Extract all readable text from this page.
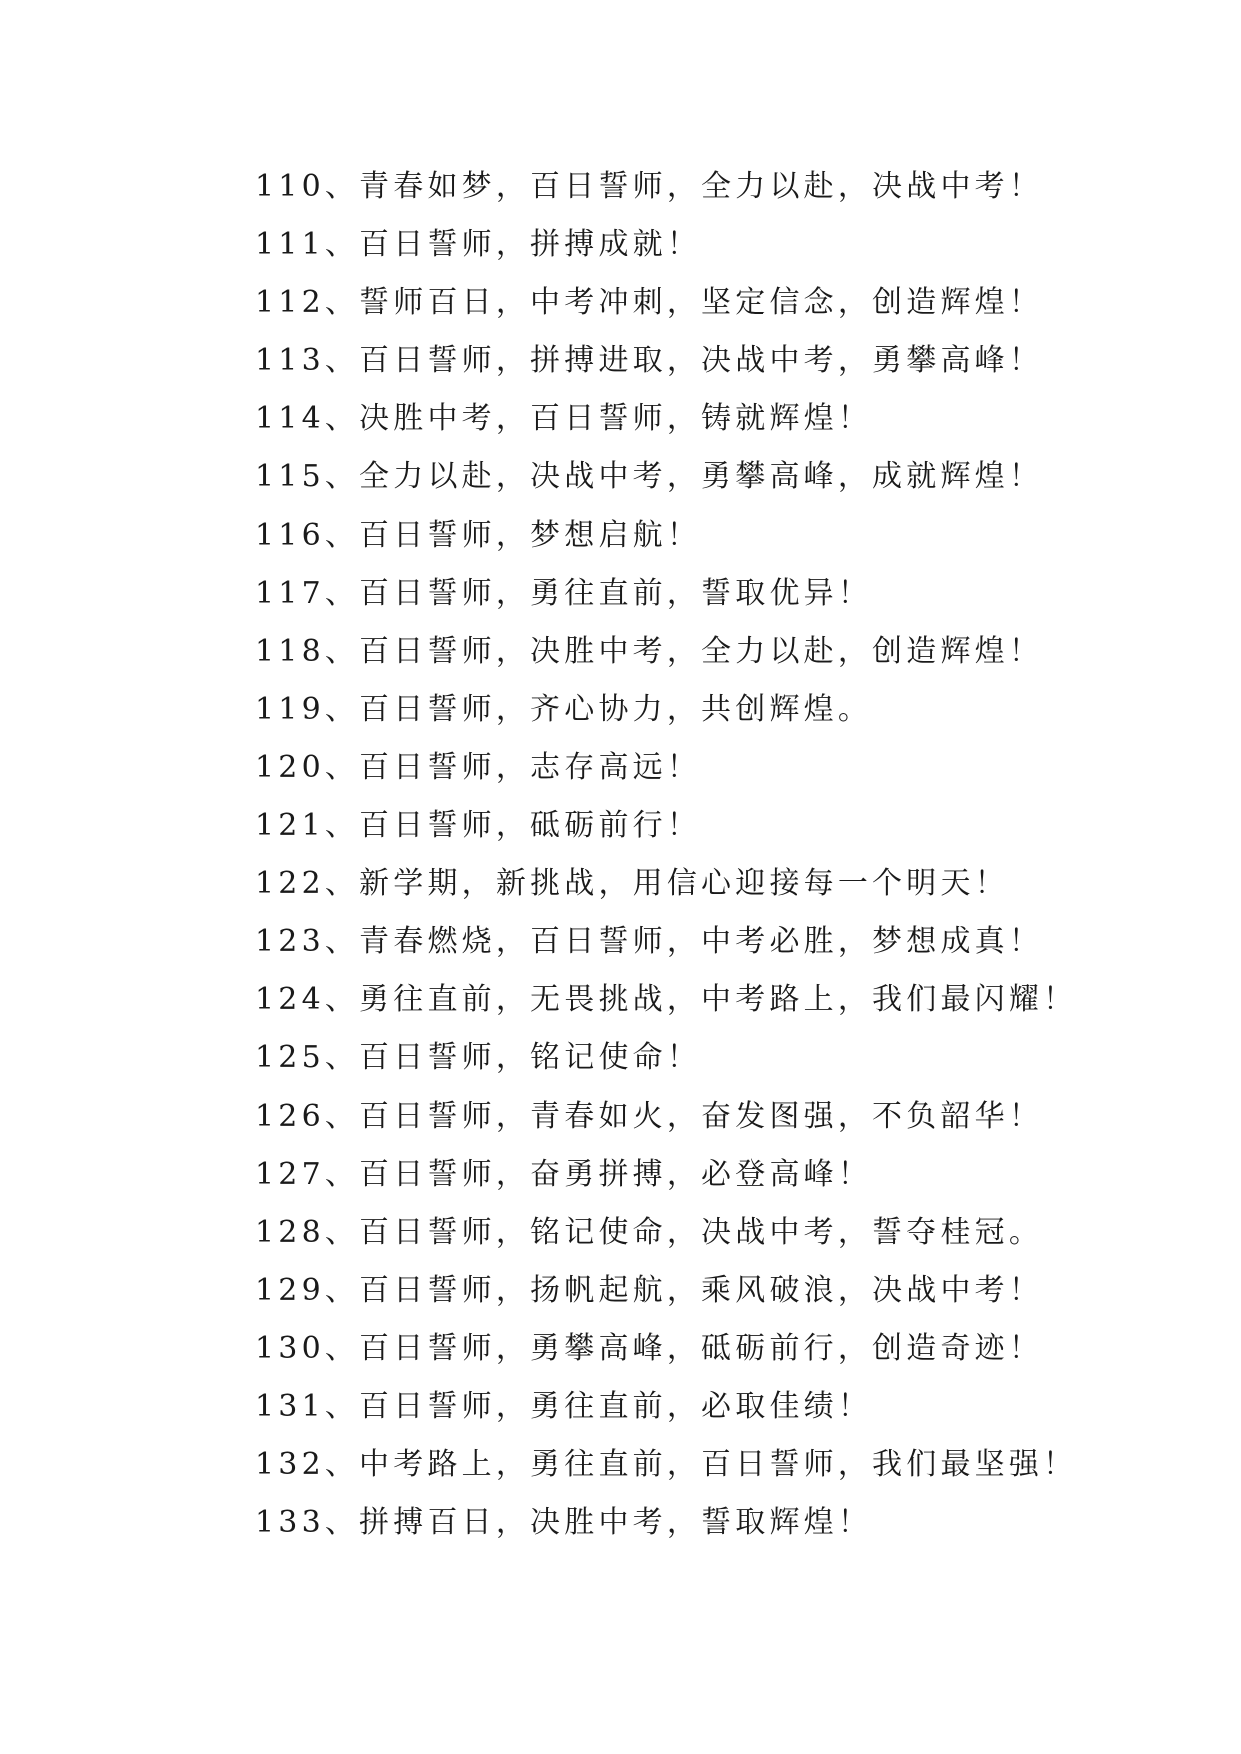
110、青春如梦，百日誓师，全力以赴，决战中考！
111、百日誓师，拼搏成就！
112、誓师百日，中考冲刺，坚定信念，创造辉煌！
113、百日誓师，拼搏进取，决战中考，勇攀高峰！
114、决胜中考，百日誓师，铸就辉煌！
115、全力以赴，决战中考，勇攀高峰，成就辉煌！
116、百日誓师，梦想启航！
117、百日誓师，勇往直前，誓取优异！
118、百日誓师，决胜中考，全力以赴，创造辉煌！
119、百日誓师，齐心协力，共创辉煌。
120、百日誓师，志存高远！
121、百日誓师，砥砺前行！
122、新学期，新挑战，用信心迎接每一个明天！
123、青春燃烧，百日誓师，中考必胜，梦想成真！
124、勇往直前，无畏挑战，中考路上，我们最闪耀！
125、百日誓师，铭记使命！
126、百日誓师，青春如火，奋发图强，不负韶华！
127、百日誓师，奋勇拼搏，必登高峰！
128、百日誓师，铭记使命，决战中考，誓夺桂冠。
129、百日誓师，扬帆起航，乘风破浪，决战中考！
130、百日誓师，勇攀高峰，砥砺前行，创造奇迹！
131、百日誓师，勇往直前，必取佳绩！
132、中考路上，勇往直前，百日誓师，我们最坚强！
133、拼搏百日，决胜中考，誓取辉煌！
